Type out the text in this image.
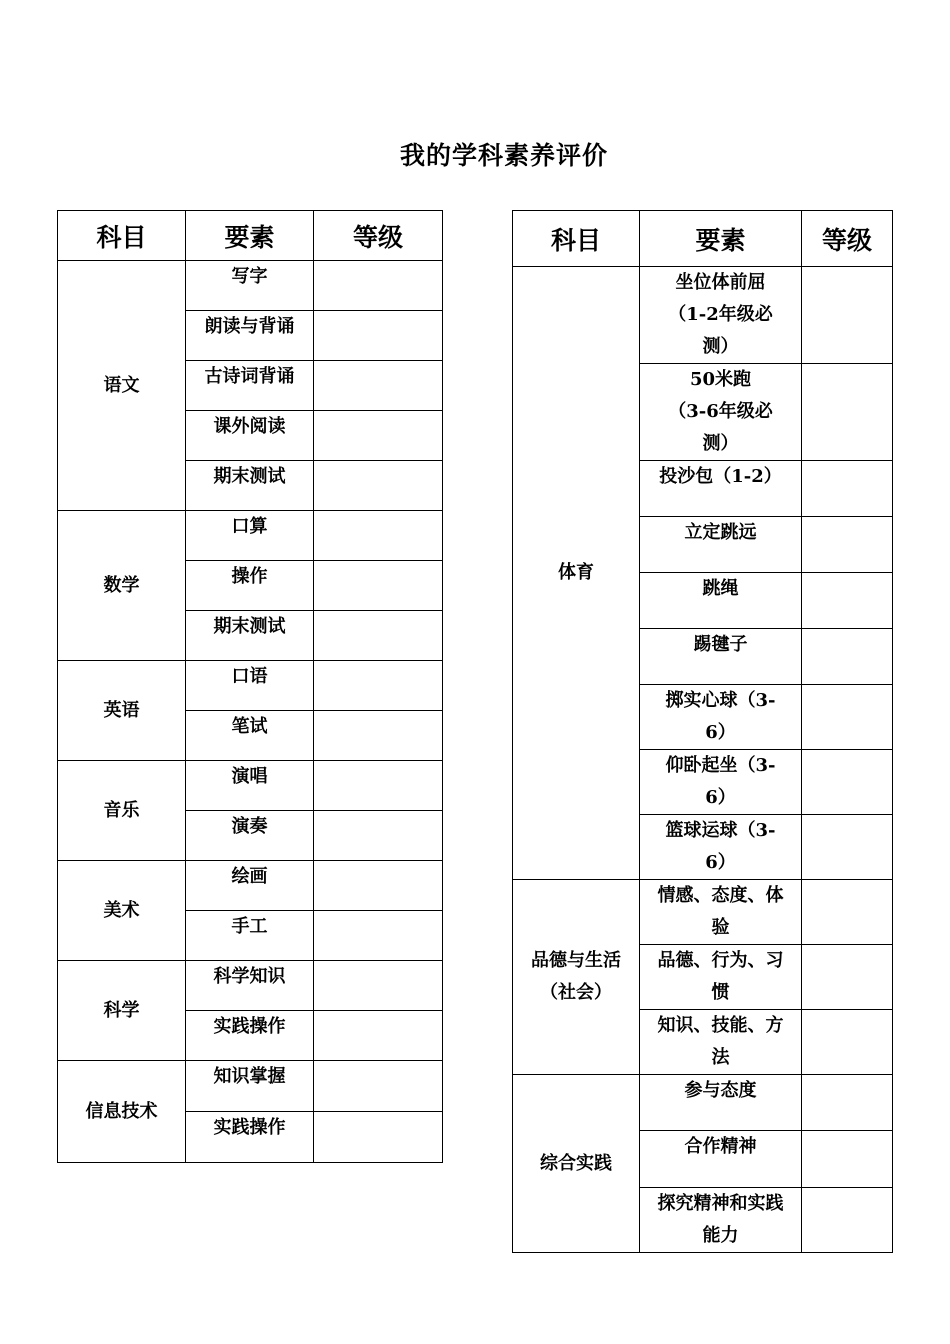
我的学科素养评价
科目	要素	等级
语文	写字	
	朗读与背诵	
	古诗词背诵	
	课外阅读	
	期末测试	
数学	口算	
	操作	
	期末测试	
英语	口语	
	笔试	
音乐	演唱	
	演奏	
美术	绘画	
	手工	
科学	科学知识	
	实践操作	
信息技术	知识掌握	
	实践操作	
科目	要素	等级
体育	坐位体前屈
（1-2年级必
测）	

	50米跑
（3-6年级必
测）	

	投沙包（1-2）	

	立定跳远	

	跳绳	

	踢毽子	

	掷实心球（3-
6）	

	仰卧起坐（3-
6）	

	篮球运球（3-
6）	

品德与生活
（社会）	情感、态度、体
验	

	品德、行为、习
惯	

	知识、技能、方
法	

综合实践	参与态度	

	合作精神	

	探究精神和实践
能力	
